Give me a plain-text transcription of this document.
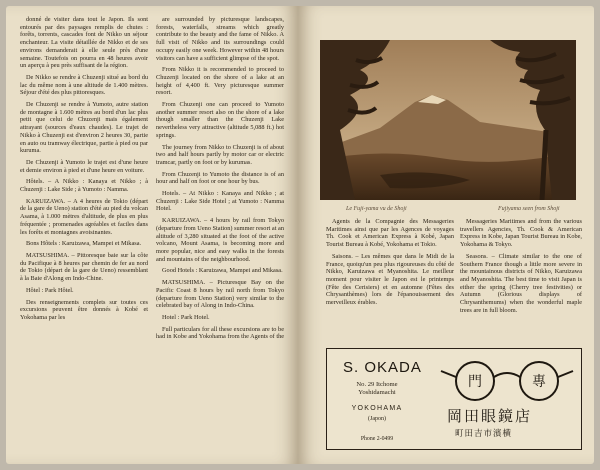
donné de visiter dans tout le Japon. Ils sont entourés par des paysages remplis de chutes : forêts, torrents, cascades font de Nikko un séjour enchanteur. La visite détaillée de Nikko et de ses environs demanderait à elle seule près d'une semaine. Toutefois on pourra en 48 heures avoir un aperçu à peu près suffisant de la région.

De Nikko se rendre à Chuzenji situé au bord du lac du même nom à une altitude de 1.400 mètres. Séjour d'été des plus pittoresques.

De Chuzenji se rendre à Yumoto, autre station de montagne à 1.600 mètres au bord d'un lac plus petit que celui de Chuzenji mais également attrayant (sources d'eaux chaudes). Le trajet de Nikko à Chuzenji est d'environ 2 heures 30, partie en auto ou tramway électrique, partie à pied ou par kuruma.

De Chuzenji à Yumoto le trajet est d'une heure et demie environ à pied et d'une heure en voiture.

Hôtels. – A Nikko : Kanaya et Nikko ; à Chuzenji : Lake Side ; à Yumoto : Namma.

KARUIZAWA. – A 4 heures de Tokio (départ de la gare de Ueno) station d'été au pied du volcan Asama, à 1.000 mètres d'altitude, de plus en plus fréquentée ; promenades agréables et faciles dans les forêts et montagnes avoisinantes.

Bons Hôtels : Karuizawa, Mampei et Mikasa.

MATSUSHIMA. – Pittoresque baie sur la côte du Pacifique à 8 heures par chemin de fer au nord de Tokio (départ de la gare de Ueno) ressemblant à la Baie d'Along en Indo-Chine.

Hôtel : Park Hôtel.

Des renseignements complets sur toutes ces excursions peuvent être donnés à Kobé et Yokohama par les

are surrounded by picturesque landscapes, forests, waterfalls, streams which greatly contribute to the beauty and the fame of Nikko. A full visit of Nikko and its surroundings could occupy easily one week. However within 48 hours visitors can have a sufficient glimpse of the spot.

From Nikko it is recommended to proceed to Chuzenji located on the shore of a lake at an height of 4,400 ft. Very picturesque summer resort.

From Chuzenji one can proceed to Yumoto another summer resort also on the shore of a lake though smaller than the Chuzenji Lake nevertheless very attractive (altitude 5,088 ft.) hot springs.

The journey from Nikko to Chuzenji is of about two and half hours partly by motor car or electric tramcar, partly on foot or by kurumas.

From Chuzenji to Yumoto the distance is of an hour and half on foot or one hour by bus.

Hotels. – At Nikko : Kanaya and Nikko ; at Chuzenji : Lake Side Hotel ; at Yumoto : Namma Hotel.

KARUIZAWA. – 4 hours by rail from Tokyo (departure from Ueno Station) summer resort at an altitude of 3,280 situated at the foot of the active volcano, Mount Asama, is becoming more and more popular, nice and easy walks in the forests and mountains of the neighbourhood.

Good Hotels : Karuizawa, Mampei and Mikasa.

MATSUSHIMA. – Picturesque Bay on the Pacific Coast 8 hours by rail north from Tokyo (departure from Ueno Station) very similar to the celebrated bay of Along in Indo-China.

Hotel : Park Hotel.

Full particulars for all these excursions are to be had in Kobe and Yokohama from the Agents of the

Le Fuji-yama vu de Shoji	Fujiyama seen from Shoji

Agents de la Compagnie des Messageries Maritimes ainsi que par les Agences de voyages Th. Cook et American Express à Kobé, Japan Tourist Bureau à Kobé, Yokohama et Tokio.

Saisons. – Les mêmes que dans le Midi de la France, quoiqu'un peu plus rigoureuses du côté de Nikko, Karuizawa et Myanoshita. Le meilleur moment pour visiter le Japon est le printemps (Fête des Cerisiers) et en automne (Fêtes des Chrysanthèmes) lors de l'épanouissement des merveilleux érables.

Messageries Maritimes and from the various travellers Agencies, Th. Cook & American Express in Kobe, Japan Tourist Bureau in Kobe, Yokohama & Tokyo.

Seasons. – Climate similar to the one of Southern France though a little more severe in the mountainous districts of Nikko, Karuizawa and Myanoshita. The best time to visit Japan is either the spring (Cherry tree festivities) or Autumn (Glorious displays of Chrysanthemums) when the wonderful maple trees are in full bloom.

S. OKADA
No. 29 Itchome
Yoshidamachi
YOKOHAMA
(Japon)
Phone 2-0499
門	專
岡田眼鏡店
町田吉市濱横
